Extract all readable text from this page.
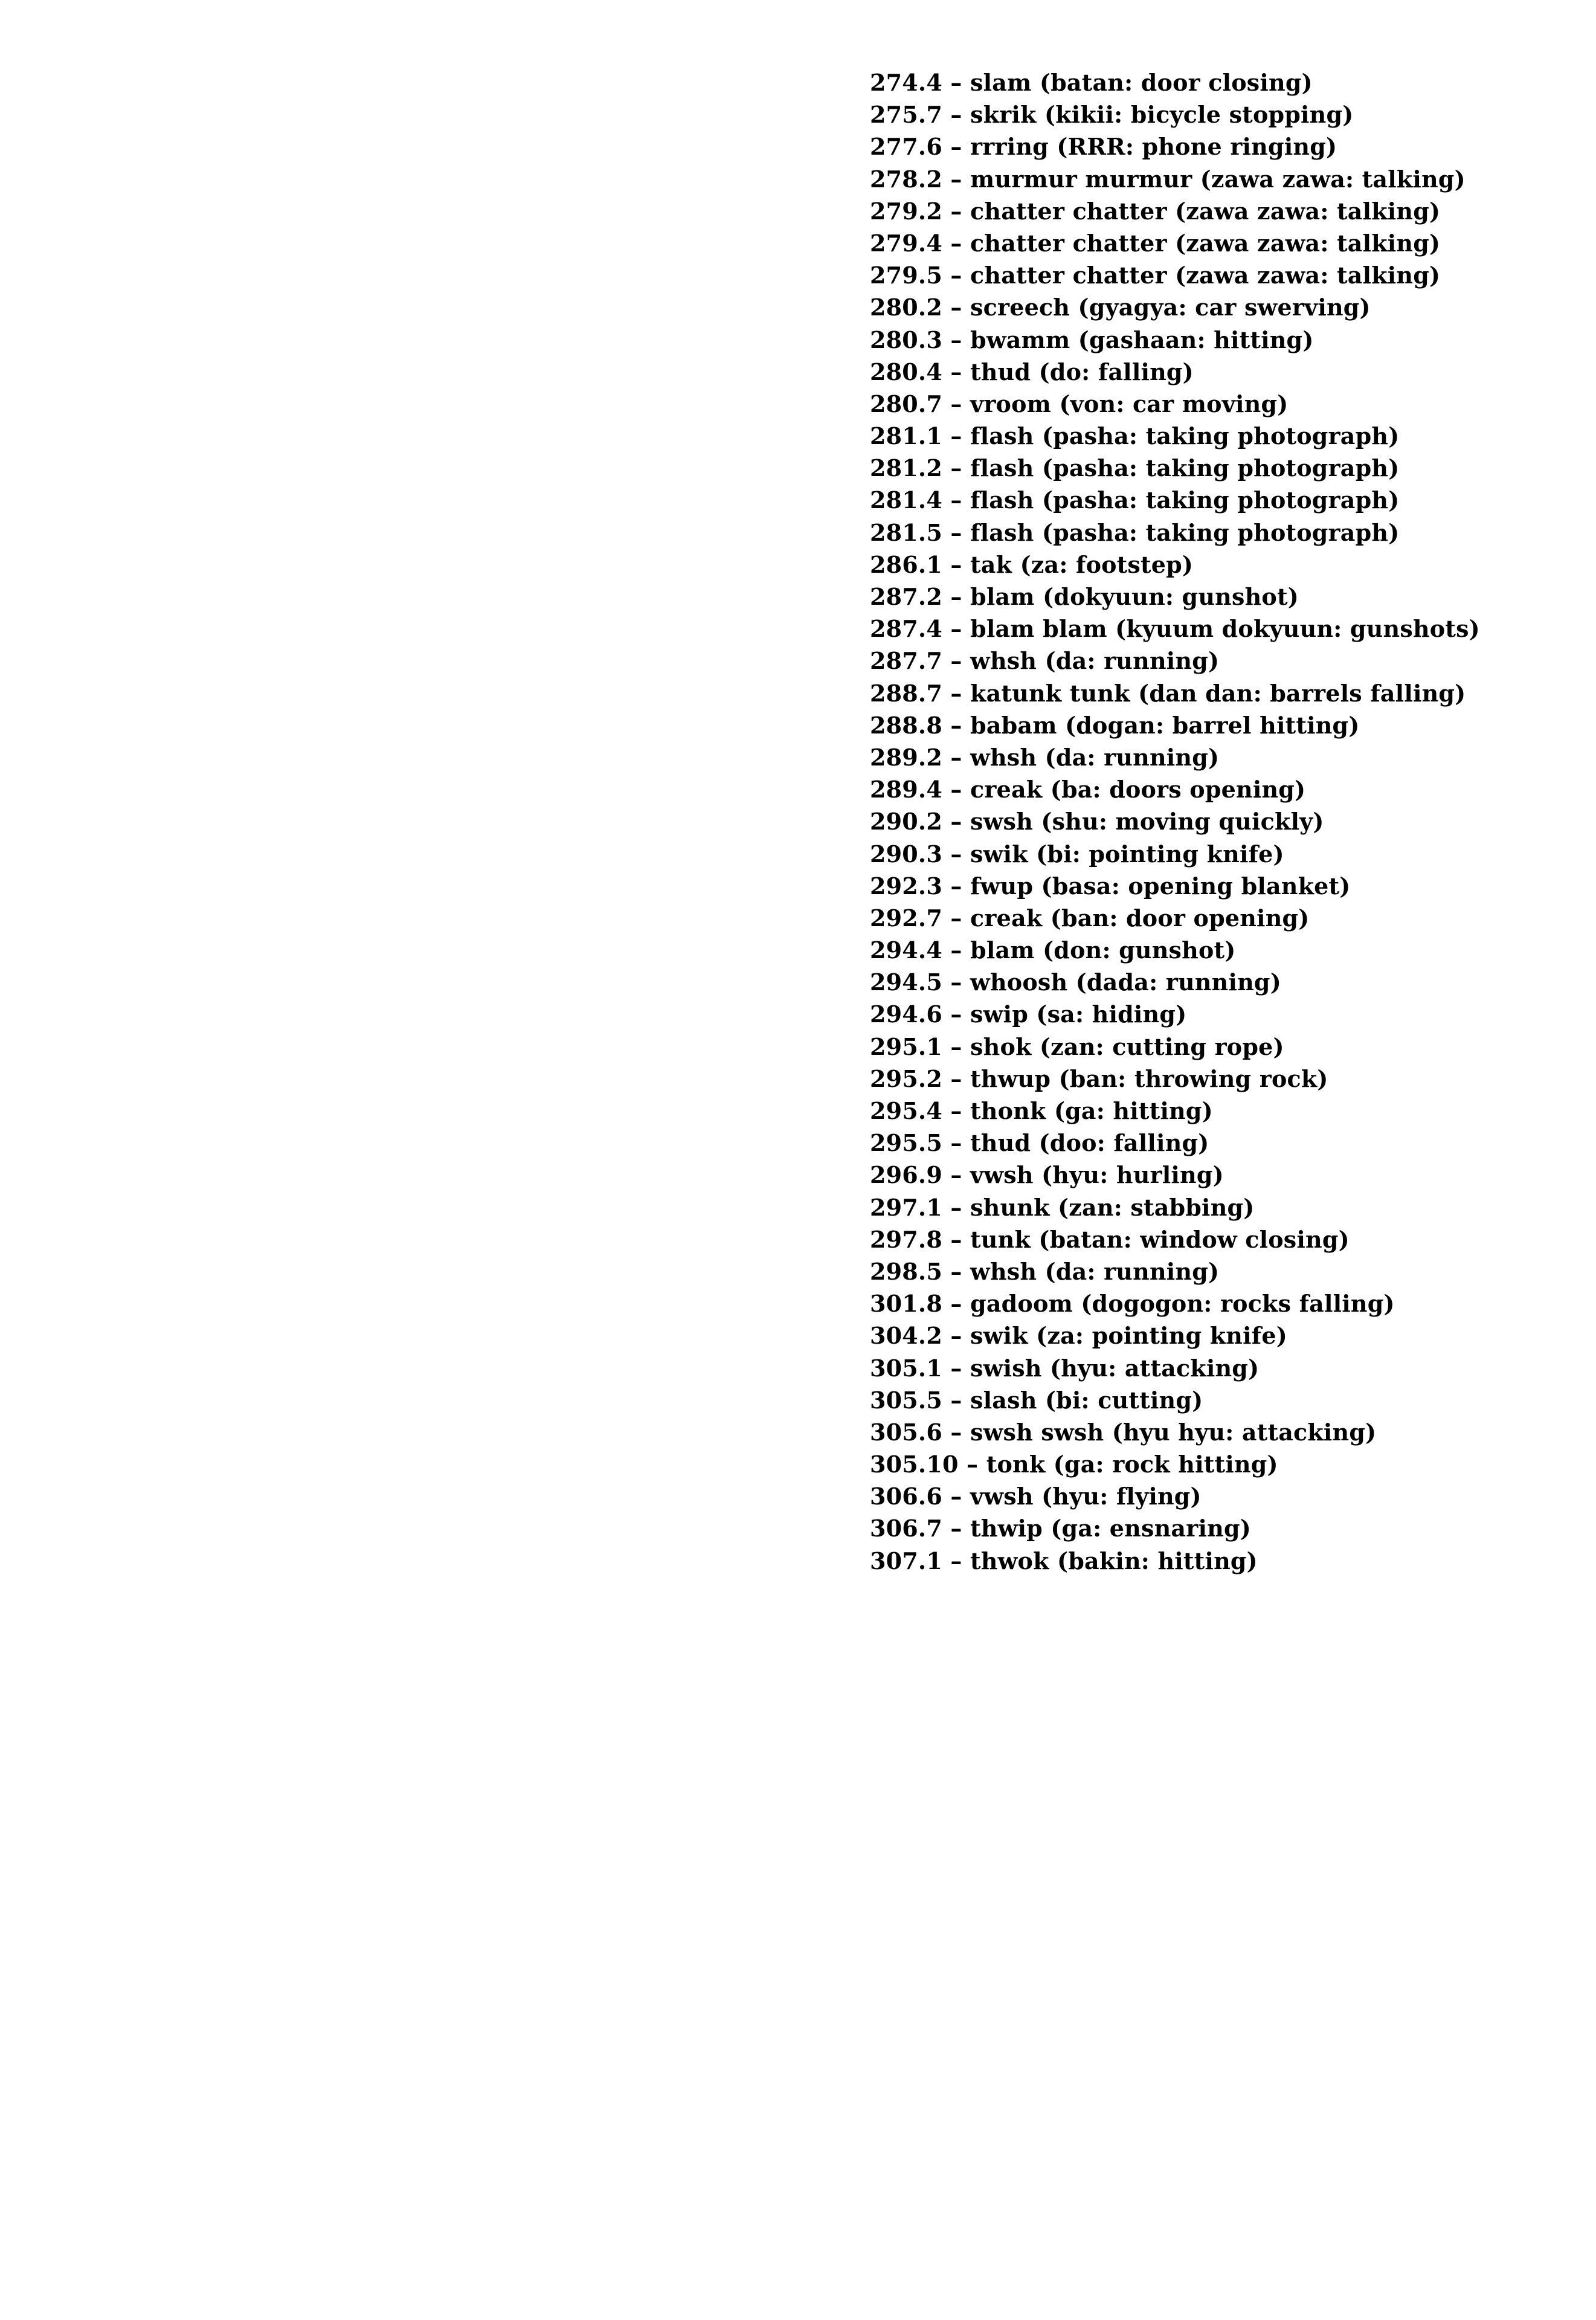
274.4 – slam (batan: door closing)
275.7 – skrik (kikii: bicycle stopping)
277.6 – rrring (RRR: phone ringing)
278.2 – murmur murmur (zawa zawa: talking)
279.2 – chatter chatter (zawa zawa: talking)
279.4 – chatter chatter (zawa zawa: talking)
279.5 – chatter chatter (zawa zawa: talking)
280.2 – screech (gyagya: car swerving)
280.3 – bwamm (gashaan: hitting)
280.4 – thud (do: falling)
280.7 – vroom (von: car moving)
281.1 – flash (pasha: taking photograph)
281.2 – flash (pasha: taking photograph)
281.4 – flash (pasha: taking photograph)
281.5 – flash (pasha: taking photograph)
286.1 – tak (za: footstep)
287.2 – blam (dokyuun: gunshot)
287.4 – blam blam (kyuum dokyuun: gunshots)
287.7 – whsh (da: running)
288.7 – katunk tunk (dan dan: barrels falling)
288.8 – babam (dogan: barrel hitting)
289.2 – whsh (da: running)
289.4 – creak (ba: doors opening)
290.2 – swsh (shu: moving quickly)
290.3 – swik (bi: pointing knife)
292.3 – fwup (basa: opening blanket)
292.7 – creak (ban: door opening)
294.4 – blam (don: gunshot)
294.5 – whoosh (dada: running)
294.6 – swip (sa: hiding)
295.1 – shok (zan: cutting rope)
295.2 – thwup (ban: throwing rock)
295.4 – thonk (ga: hitting)
295.5 – thud (doo: falling)
296.9 – vwsh (hyu: hurling)
297.1 – shunk (zan: stabbing)
297.8 – tunk (batan: window closing)
298.5 – whsh (da: running)
301.8 – gadoom (dogogon: rocks falling)
304.2 – swik (za: pointing knife)
305.1 – swish (hyu: attacking)
305.5 – slash (bi: cutting)
305.6 – swsh swsh (hyu hyu: attacking)
305.10 – tonk (ga: rock hitting)
306.6 – vwsh (hyu: flying)
306.7 – thwip (ga: ensnaring)
307.1 – thwok (bakin: hitting)
